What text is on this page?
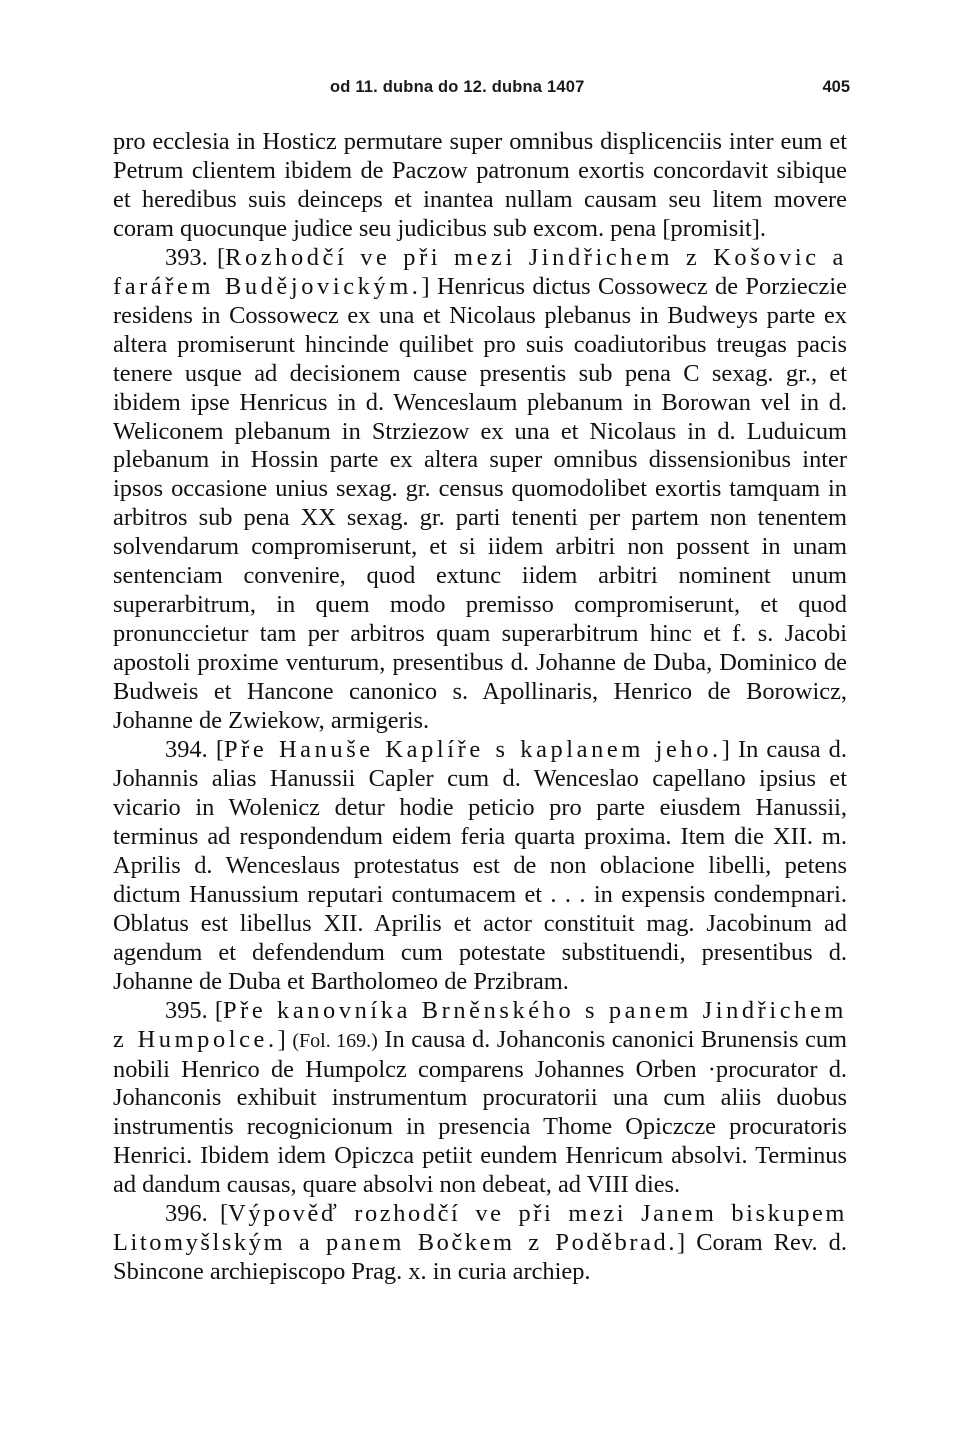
od 11. dubna do 12. dubna 1407	405

pro ecclesia in Hosticz permutare super omnibus displicenciis inter eum et Petrum clientem ibidem de Paczow patronum exortis concordavit sibique et heredibus suis deinceps et inantea nullam causam seu litem movere coram quocunque judice seu judicibus sub excom. pena [promisit].

393. [Rozhodčí ve při mezi Jindřichem z Košovic a farářem Budějovickým.] Henricus dictus Cossowecz de Porzieczie residens in Cossowecz ex una et Nicolaus plebanus in Budweys parte ex altera promiserunt hincinde quilibet pro suis coadiutoribus treugas pacis tenere usque ad decisionem cause presentis sub pena C sexag. gr., et ibidem ipse Henricus in d. Wenceslaum plebanum in Borowan vel in d. Weliconem plebanum in Strziezow ex una et Nicolaus in d. Luduicum plebanum in Hossin parte ex altera super omnibus dissensionibus inter ipsos occasione unius sexag. gr. census quomodolibet exortis tamquam in arbitros sub pena XX sexag. gr. parti tenenti per partem non tenentem solvendarum compromiserunt, et si iidem arbitri non possent in unam sentenciam convenire, quod extunc iidem arbitri nominent unum superarbitrum, in quem modo premisso compromiserunt, et quod pronunccietur tam per arbitros quam superarbitrum hinc et f. s. Jacobi apostoli proxime venturum, presentibus d. Johanne de Duba, Dominico de Budweis et Hancone canonico s. Apollinaris, Henrico de Borowicz, Johanne de Zwiekow, armigeris.

394. [Pře Hanuše Kaplíře s kaplanem jeho.] In causa d. Johannis alias Hanussii Capler cum d. Wenceslao capellano ipsius et vicario in Wolenicz detur hodie peticio pro parte eiusdem Hanussii, terminus ad respondendum eidem feria quarta proxima. Item die XII. m. Aprilis d. Wenceslaus protestatus est de non oblacione libelli, petens dictum Hanussium reputari contumacem et . . . in expensis condempnari. Oblatus est libellus XII. Aprilis et actor constituit mag. Jacobinum ad agendum et defendendum cum potestate substituendi, presentibus d. Johanne de Duba et Bartholomeo de Przibram.

395. [Pře kanovníka Brněnského s panem Jindřichem z Humpolce.] (Fol. 169.) In causa d. Johanconis canonici Brunensis cum nobili Henrico de Humpolcz comparens Johannes Orben ·procurator d. Johanconis exhibuit instrumentum procuratorii una cum aliis duobus instrumentis recognicionum in presencia Thome Opiczcze procuratoris Henrici. Ibidem idem Opiczca petiit eundem Henricum absolvi. Terminus ad dandum causas, quare absolvi non debeat, ad VIII dies.

396. [Výpověď rozhodčí ve při mezi Janem biskupem Litomyšlským a panem Bočkem z Poděbrad.] Coram Rev. d. Sbincone archiepiscopo Prag. x. in curia archiep.
